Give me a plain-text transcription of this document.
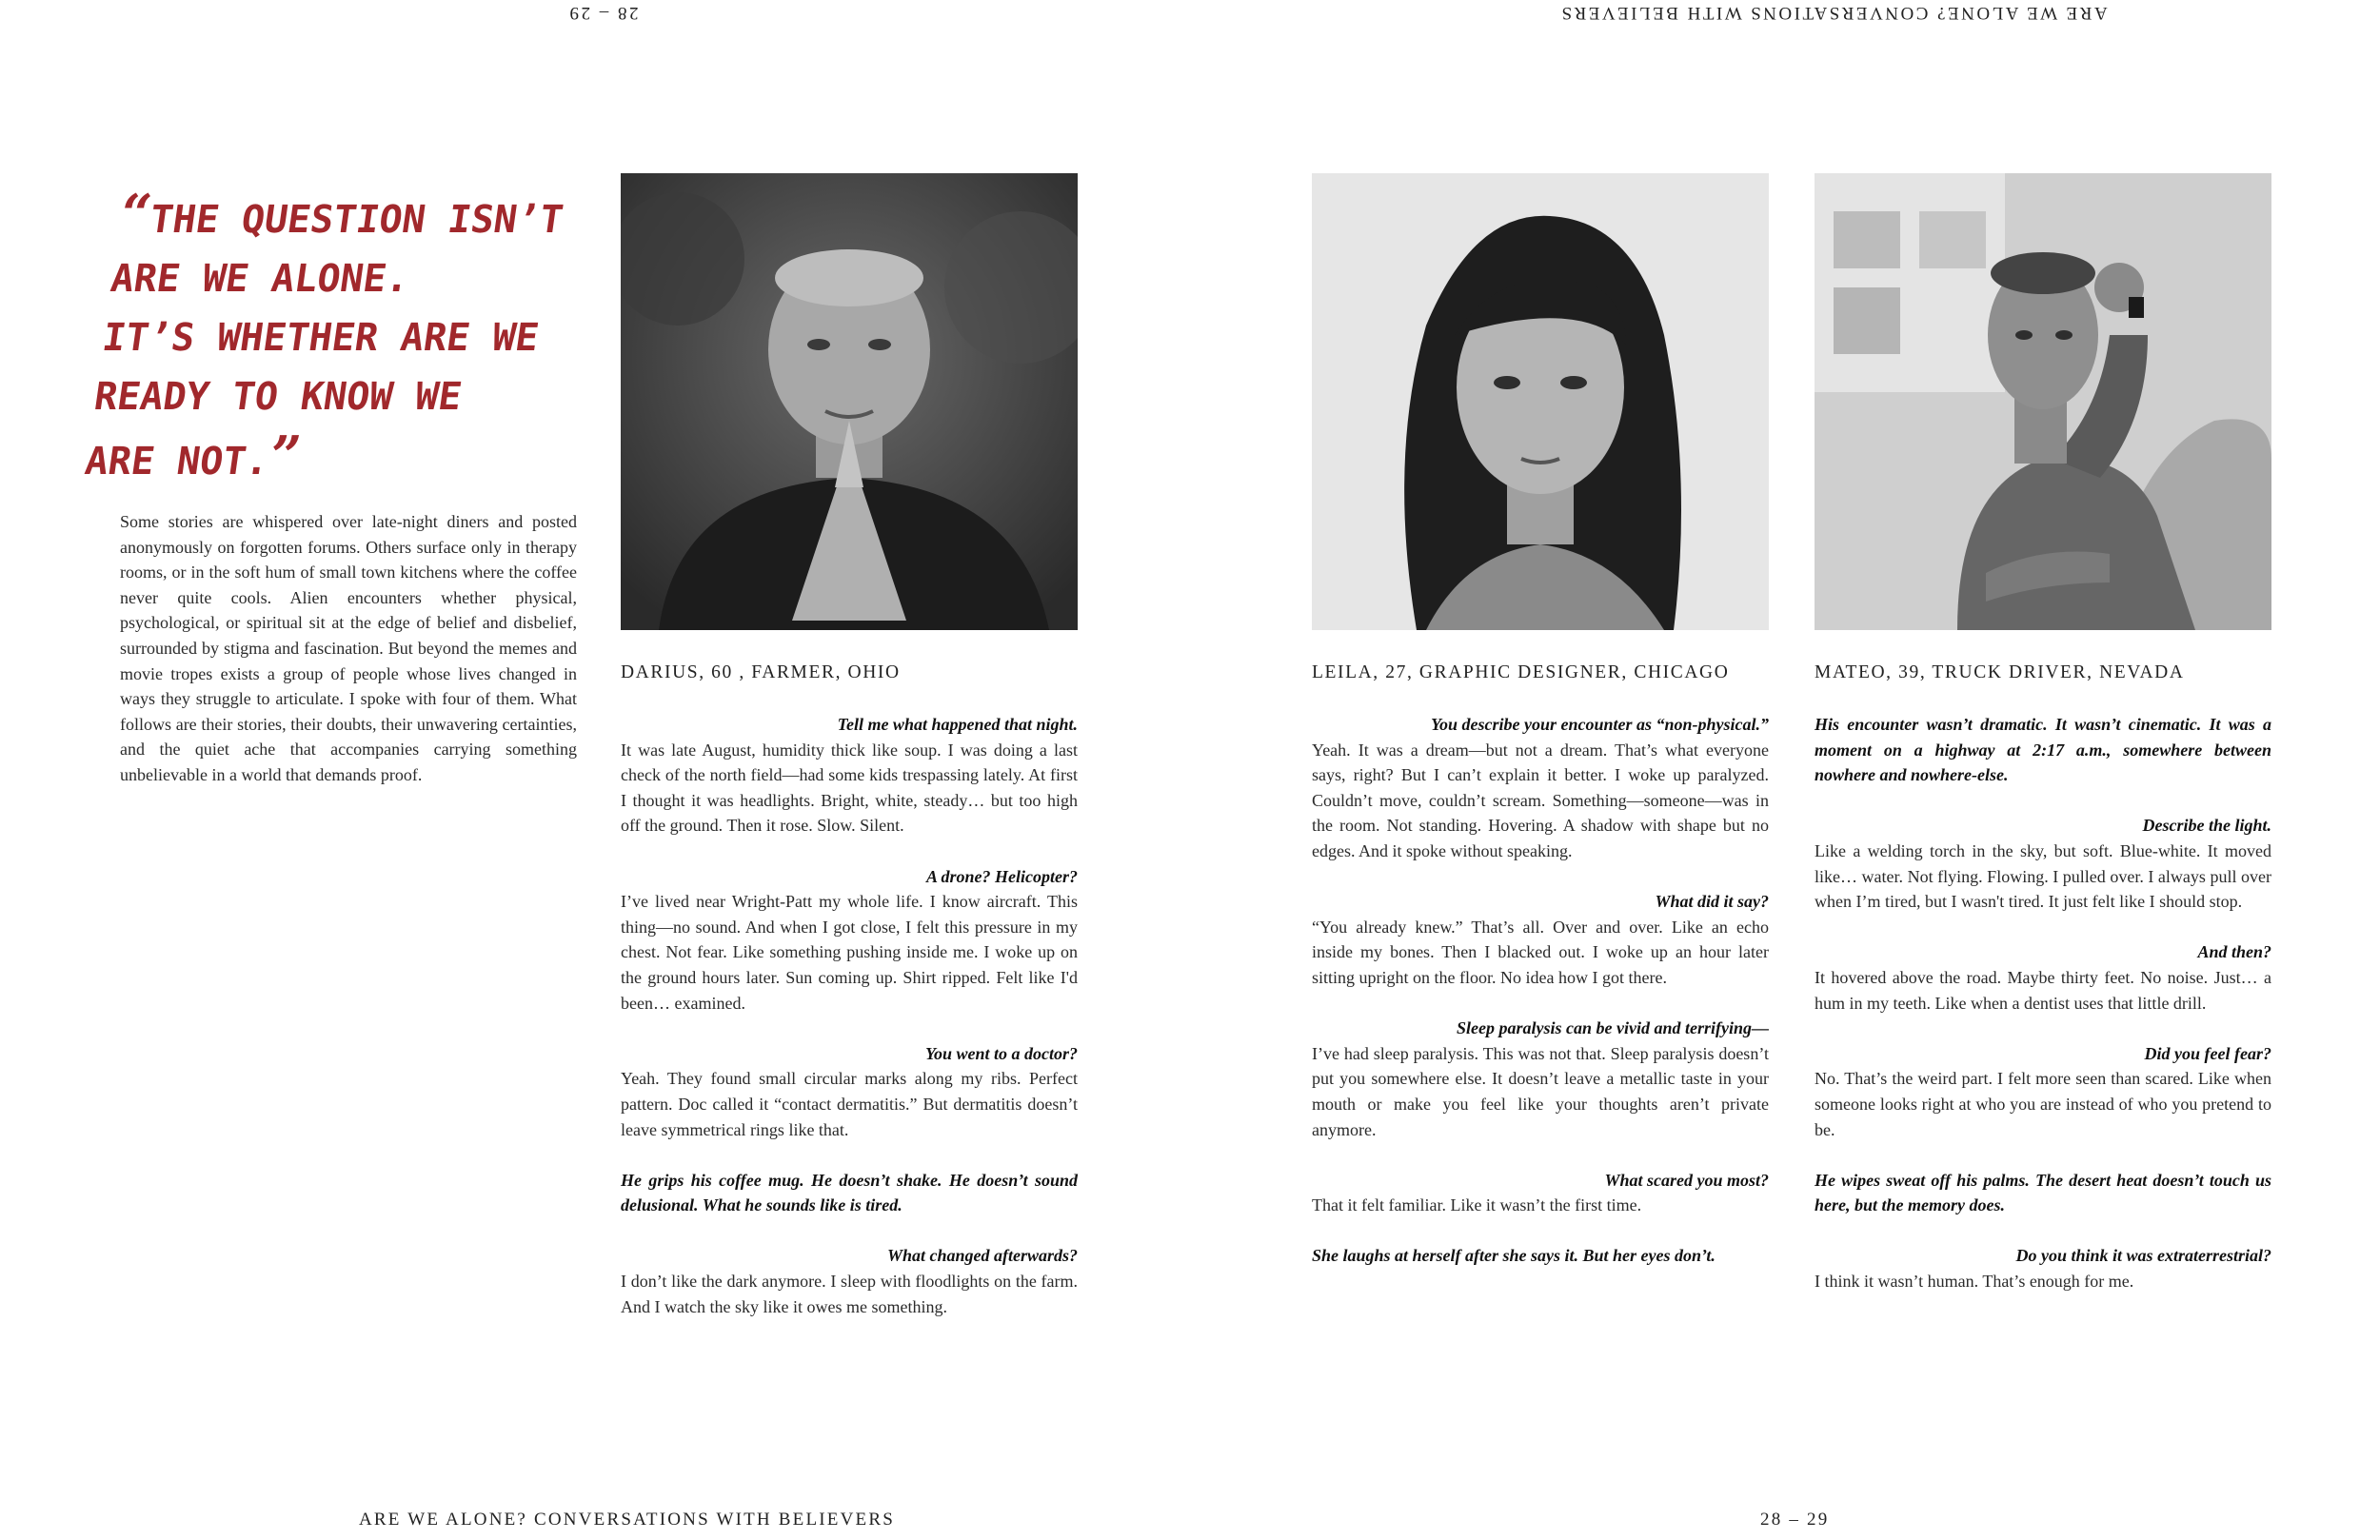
28 – 29	ARE WE ALONE? CONVERSATIONS WITH BELIEVERS
“THE QUESTION ISN’T
ARE WE ALONE.
IT’S WHETHER ARE WE
READY TO KNOW WE
ARE NOT.”
Some stories are whispered over late-night diners and posted anonymously on forgotten forums. Others surface only in therapy rooms, or in the soft hum of small town kitchens where the coffee never quite cools. Alien encounters whether physical, psychological, or spiritual sit at the edge of belief and disbelief, surrounded by stigma and fascination. But beyond the memes and movie tropes exists a group of people whose lives changed in ways they struggle to articulate. I spoke with four of them. What follows are their stories, their doubts, their unwavering certainties, and the quiet ache that accompanies carrying something unbelievable in a world that demands proof.
DARIUS, 60 , FARMER, OHIO	LEILA, 27, GRAPHIC DESIGNER, CHICAGO	MATEO, 39, TRUCK DRIVER, NEVADA
Tell me what happened that night.
It was late August, humidity thick like soup. I was doing a last check of the north field—had some kids trespassing lately. At first I thought it was headlights. Bright, white, steady… but too high off the ground. Then it rose. Slow. Silent.
A drone? Helicopter?
I’ve lived near Wright-Patt my whole life. I know aircraft. This thing—no sound. And when I got close, I felt this pressure in my chest. Not fear. Like something pushing inside me. I woke up on the ground hours later. Sun coming up. Shirt ripped. Felt like I'd been… examined.
You went to a doctor?
Yeah. They found small circular marks along my ribs. Perfect pattern. Doc called it “contact dermatitis.” But dermatitis doesn’t leave symmetrical rings like that.
He grips his coffee mug. He doesn’t shake. He doesn’t sound delusional. What he sounds like is tired.
What changed afterwards?
I don’t like the dark anymore. I sleep with floodlights on the farm. And I watch the sky like it owes me something.
You describe your encounter as “non-physical.”
Yeah. It was a dream—but not a dream. That’s what everyone says, right? But I can’t explain it better. I woke up paralyzed. Couldn’t move, couldn’t scream. Something—someone—was in the room. Not standing. Hovering. A shadow with shape but no edges. And it spoke without speaking.
What did it say?
“You already knew.” That’s all. Over and over. Like an echo inside my bones. Then I blacked out. I woke up an hour later sitting upright on the floor. No idea how I got there.
Sleep paralysis can be vivid and terrifying—
I’ve had sleep paralysis. This was not that. Sleep paralysis doesn’t put you somewhere else. It doesn’t leave a metallic taste in your mouth or make you feel like your thoughts aren’t private anymore.
What scared you most?
That it felt familiar. Like it wasn’t the first time.
She laughs at herself after she says it. But her eyes don’t.
His encounter wasn’t dramatic. It wasn’t cinematic. It was a moment on a highway at 2:17 a.m., somewhere between nowhere and nowhere-else.
Describe the light.
Like a welding torch in the sky, but soft. Blue-white. It moved like… water. Not flying. Flowing. I pulled over. I always pull over when I’m tired, but I wasn't tired. It just felt like I should stop.
And then?
It hovered above the road. Maybe thirty feet. No noise. Just… a hum in my teeth. Like when a dentist uses that little drill.
Did you feel fear?
No. That’s the weird part. I felt more seen than scared. Like when someone looks right at who you are instead of who you pretend to be.
He wipes sweat off his palms. The desert heat doesn’t touch us here, but the memory does.
Do you think it was extraterrestrial?
I think it wasn’t human. That’s enough for me.
ARE WE ALONE? CONVERSATIONS WITH BELIEVERS	28 – 29
